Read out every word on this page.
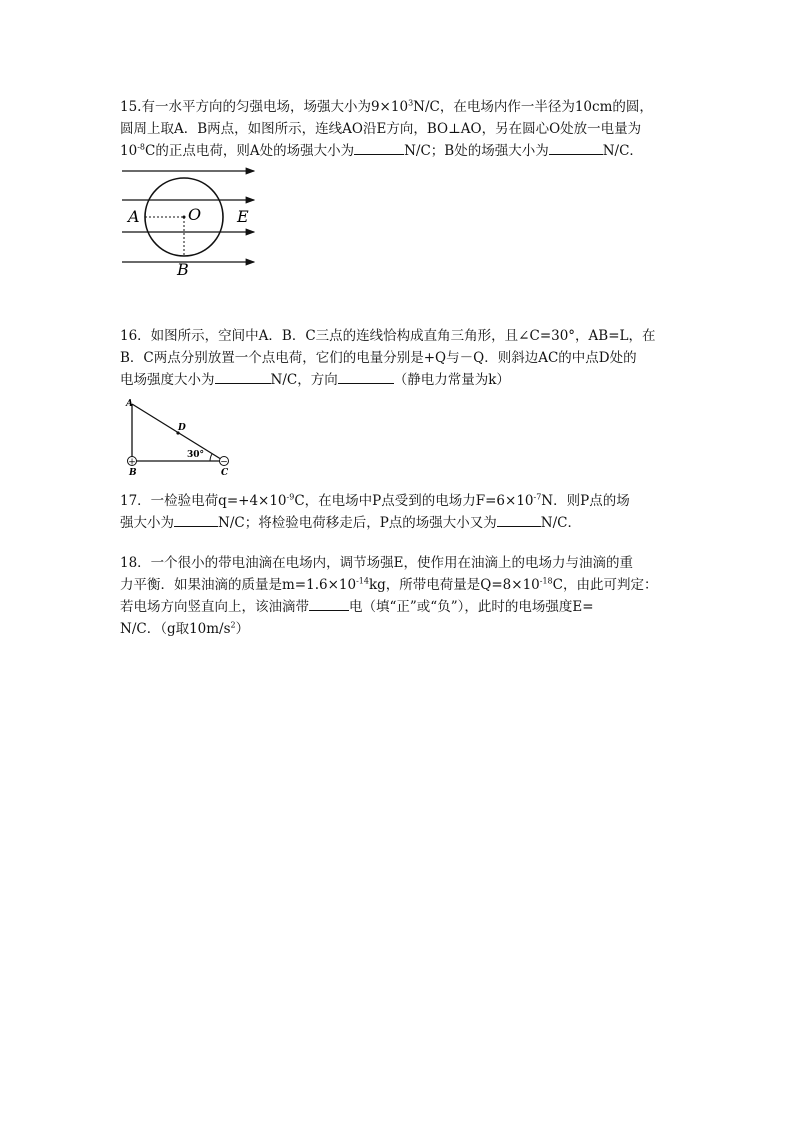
15.有一水平方向的匀强电场，场强大小为$9\times 10^3N/C$，在电场内作一半径为10cm的圆，
圆周上取A．B两点，如图所示，连线AO沿E方向，BO⊥AO，另在圆心O处放一电量为
$10^{-8}C$的正点电荷，则A处的场强大小为	N/C；B处的场强大小为	N/C．
A	O E
B
16．如图所示，空间中A．B．C三点的连线恰构成直角三角形，且∠C=30°，AB=L，在
B．C两点分别放置一个点电荷，它们的电量分别是+Q与－Q．则斜边AC的中点D处的
电场强度大小为	N/C，方向	（静电力常量为k）
+	−
A
D
30°
B	C
17．一检验电荷$q=+4\times 10^{-9}C$，在电场中P点受到的电场力$F=6\times 10^{-7}N$．则P点的场
强大小为	N/C；将检验电荷移走后，P点的场强大小又为	N/C．
18．一个很小的带电油滴在电场内，调节场强E，使作用在油滴上的电场力与油滴的重
力平衡．如果油滴的质量是$m=1.6\times 10^{-14}kg$，所带电荷量是$Q=8\times 10^{-18}C$，由此可判定：
若电场方向竖直向上，该油滴带	电（填“正”或“负”），此时的电场强度E=
N/C．（g取$10m/s^2$）
